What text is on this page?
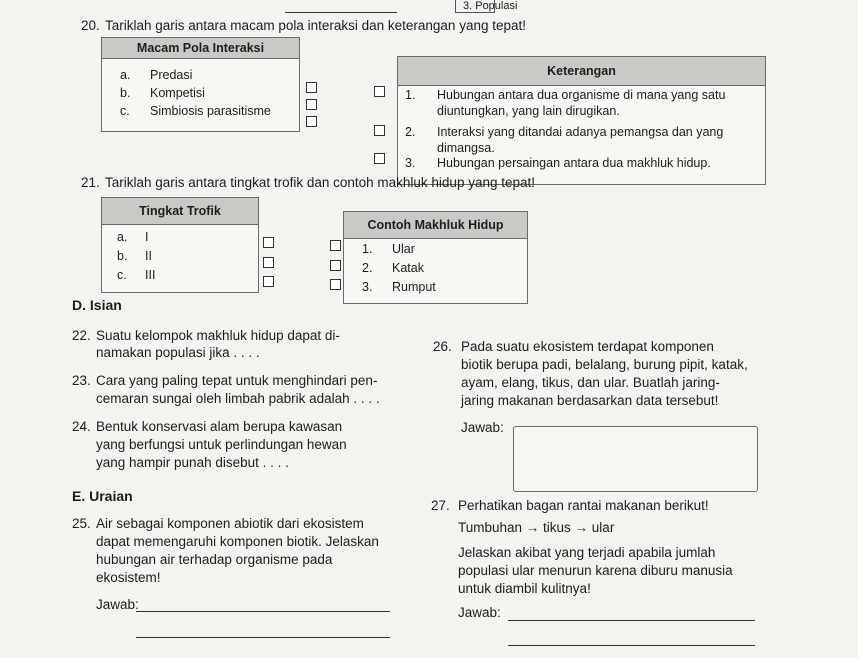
3. Populasi
20. Tariklah garis antara macam pola interaksi dan keterangan yang tepat!
Macam Pola Interaksi
a. Predasi
b. Kompetisi
c. Simbiosis parasitisme
Keterangan
1. Hubungan antara dua organisme di mana yang satu
diuntungkan, yang lain dirugikan.
2. Interaksi yang ditandai adanya pemangsa dan yang
dimangsa.
3. Hubungan persaingan antara dua makhluk hidup.
21. Tariklah garis antara tingkat trofik dan contoh makhluk hidup yang tepat!
Tingkat Trofik
a. I
b. II
c. III
Contoh Makhluk Hidup
1. Ular
2. Katak
3. Rumput
D. Isian
22. Suatu kelompok makhluk hidup dapat di-
namakan populasi jika . . . .
23. Cara yang paling tepat untuk menghindari pen-
cemaran sungai oleh limbah pabrik adalah . . . .
24. Bentuk konservasi alam berupa kawasan
yang berfungsi untuk perlindungan hewan
yang hampir punah disebut . . . .
E. Uraian
25. Air sebagai komponen abiotik dari ekosistem
dapat memengaruhi komponen biotik. Jelaskan
hubungan air terhadap organisme pada
ekosistem!
Jawab:
26. Pada suatu ekosistem terdapat komponen
biotik berupa padi, belalang, burung pipit, katak,
ayam, elang, tikus, dan ular. Buatlah jaring-
jaring makanan berdasarkan data tersebut!
Jawab:
27. Perhatikan bagan rantai makanan berikut!
Tumbuhan → tikus → ular
Jelaskan akibat yang terjadi apabila jumlah
populasi ular menurun karena diburu manusia
untuk diambil kulitnya!
Jawab:
